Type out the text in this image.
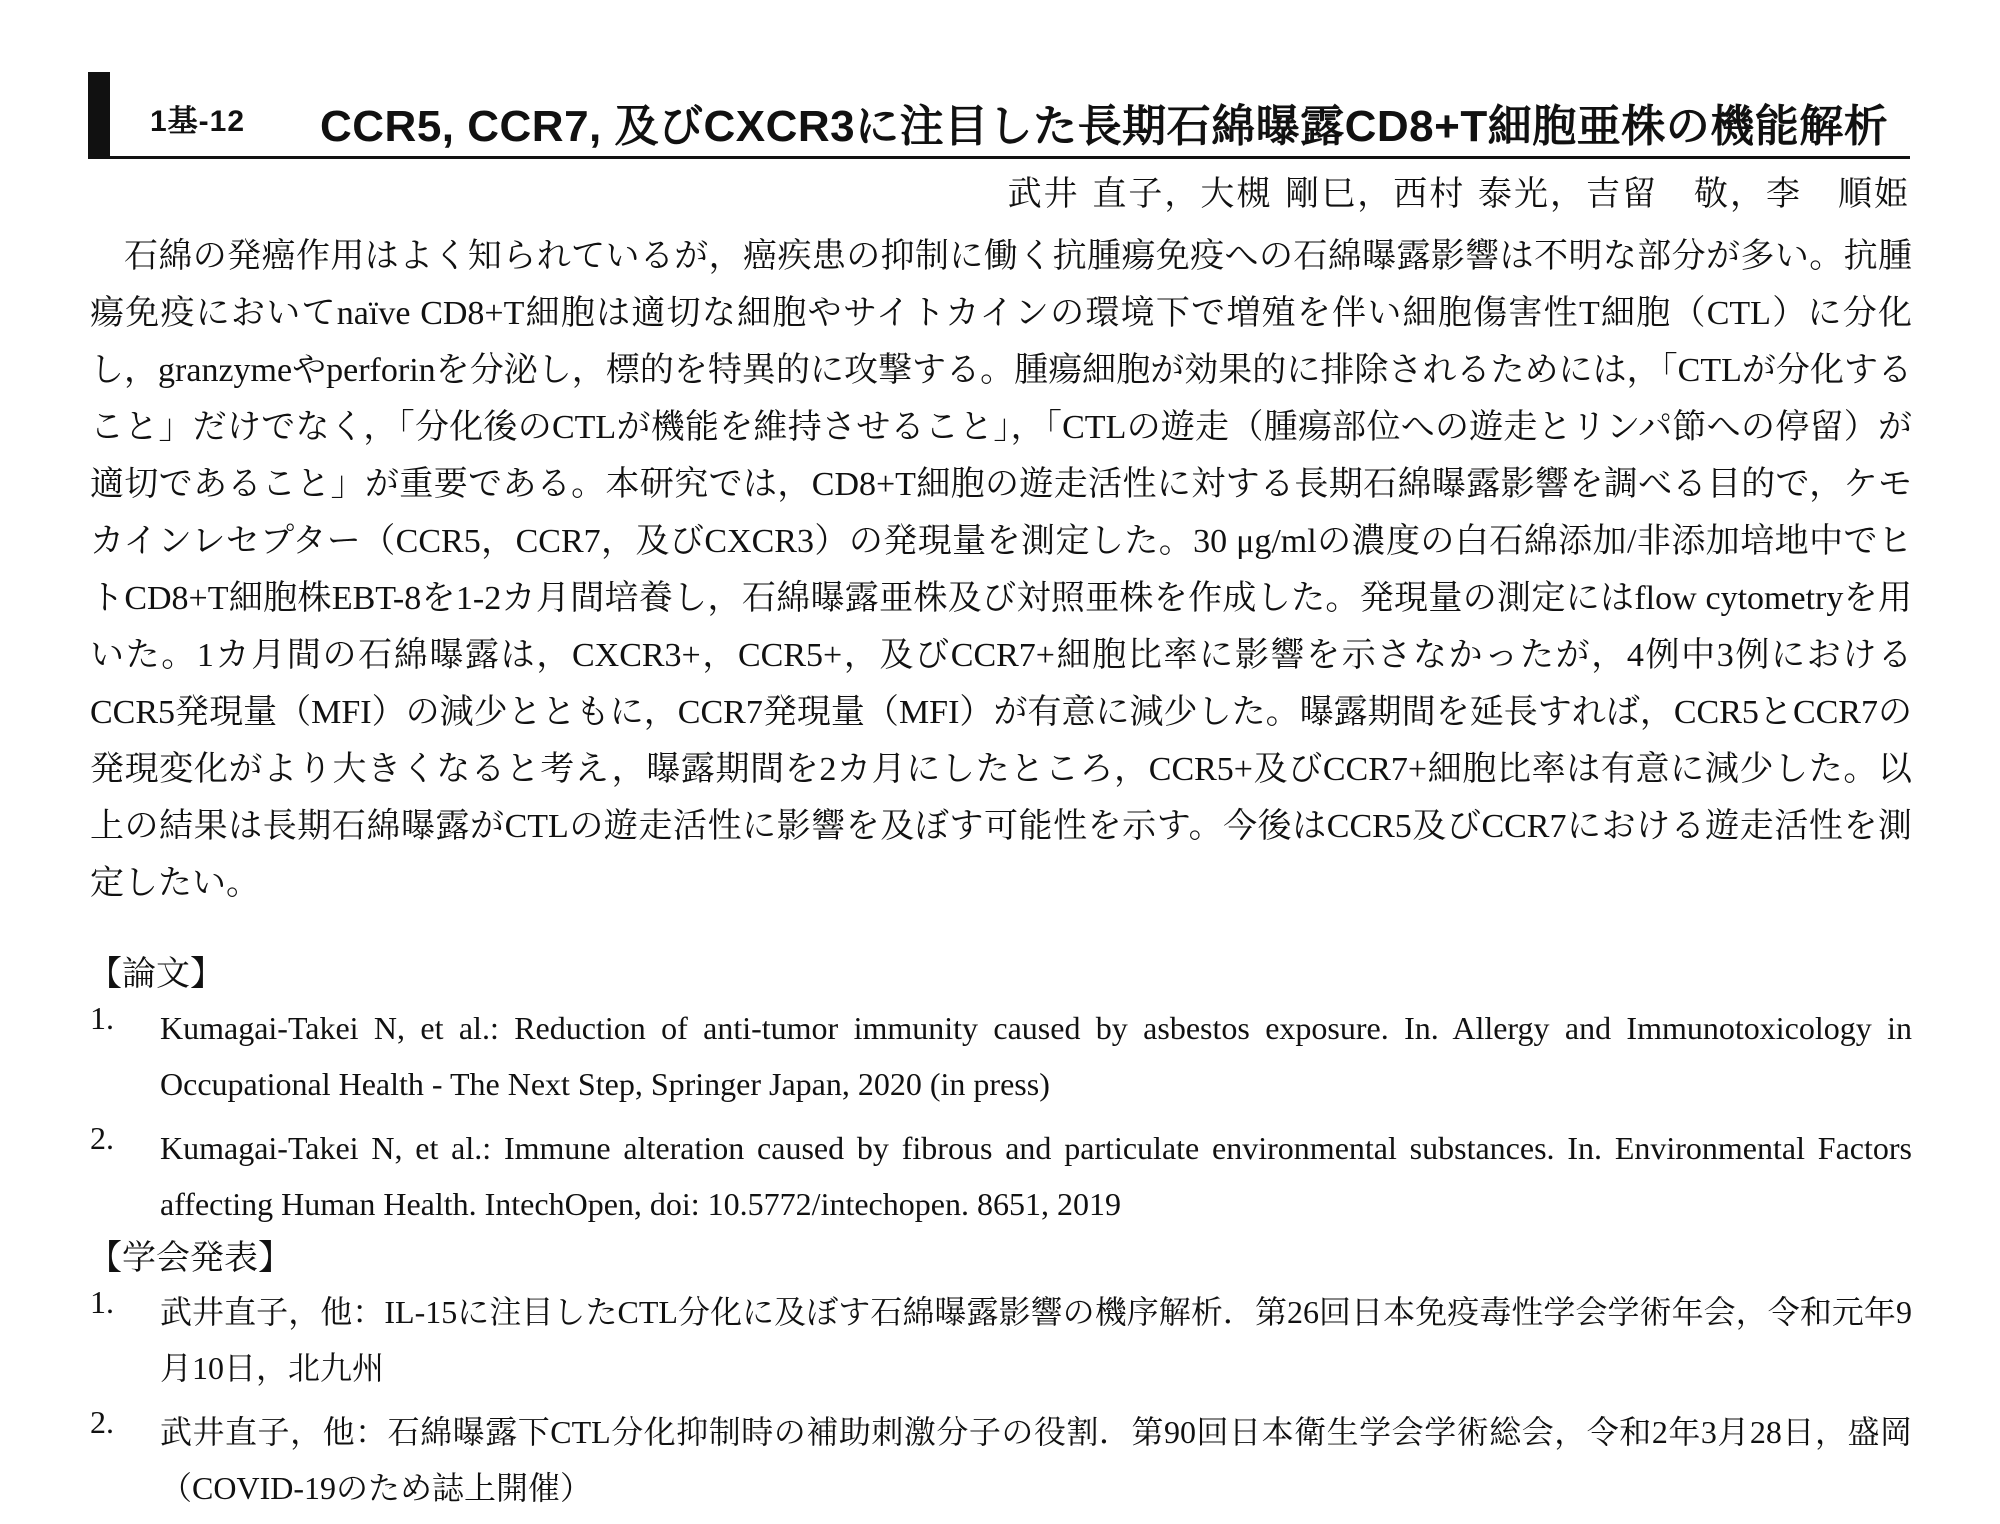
1基-12 CCR5, CCR7, 及びCXCR3に注目した長期石綿曝露CD8+T細胞亜株の機能解析
武井 直子，大槻 剛巳，西村 泰光，吉留　敬，李　順姫

石綿の発癌作用はよく知られているが，癌疾患の抑制に働く抗腫瘍免疫への石綿曝露影響は不明な部分が多い。抗腫瘍免疫においてnaïve CD8+T細胞は適切な細胞やサイトカインの環境下で増殖を伴い細胞傷害性T細胞（CTL）に分化し，granzymeやperforinを分泌し，標的を特異的に攻撃する。腫瘍細胞が効果的に排除されるためには，「CTLが分化すること」だけでなく，「分化後のCTLが機能を維持させること」，「CTLの遊走（腫瘍部位への遊走とリンパ節への停留）が適切であること」が重要である。本研究では，CD8+T細胞の遊走活性に対する長期石綿曝露影響を調べる目的で，ケモカインレセプター（CCR5，CCR7，及びCXCR3）の発現量を測定した。30 μg/mlの濃度の白石綿添加/非添加培地中でヒトCD8+T細胞株EBT-8を1-2カ月間培養し，石綿曝露亜株及び対照亜株を作成した。発現量の測定にはflow cytometryを用いた。1カ月間の石綿曝露は，CXCR3+，CCR5+，及びCCR7+細胞比率に影響を示さなかったが，4例中3例におけるCCR5発現量（MFI）の減少とともに，CCR7発現量（MFI）が有意に減少した。曝露期間を延長すれば，CCR5とCCR7の発現変化がより大きくなると考え，曝露期間を2カ月にしたところ，CCR5+及びCCR7+細胞比率は有意に減少した。以上の結果は長期石綿曝露がCTLの遊走活性に影響を及ぼす可能性を示す。今後はCCR5及びCCR7における遊走活性を測定したい。

【論文】
1. Kumagai-Takei N, et al.: Reduction of anti-tumor immunity caused by asbestos exposure. In. Allergy and Immunotoxicology in Occupational Health - The Next Step, Springer Japan, 2020 (in press)
2. Kumagai-Takei N, et al.: Immune alteration caused by fibrous and particulate environmental substances. In. Environmental Factors affecting Human Health. IntechOpen, doi: 10.5772/intechopen. 8651, 2019
【学会発表】
1. 武井直子，他：IL-15に注目したCTL分化に及ぼす石綿曝露影響の機序解析．第26回日本免疫毒性学会学術年会，令和元年9月10日，北九州
2. 武井直子，他：石綿曝露下CTL分化抑制時の補助刺激分子の役割．第90回日本衛生学会学術総会，令和2年3月28日，盛岡（COVID-19のため誌上開催）
